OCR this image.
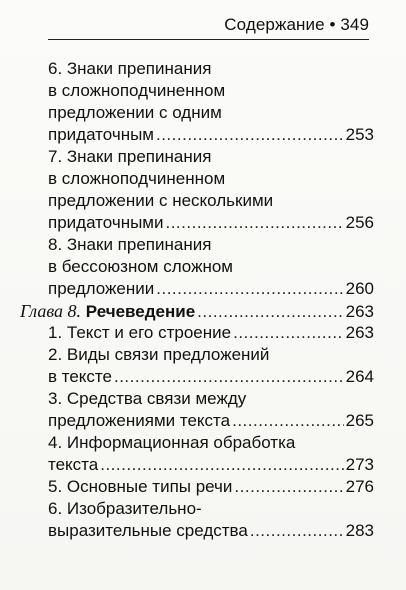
Содержание • 349
6. Знаки препинания
в сложноподчиненном
предложении с одним
придаточным .....	253
7. Знаки препинания
в сложноподчиненном
предложении с несколькими
придаточными .....	256
8. Знаки препинания
в бессоюзном сложном
предложении .....	260
Глава 8. Речеведение .....	263
1. Текст и его строение .....	263
2. Виды связи предложений
в тексте .....	264
3. Средства связи между
предложениями текста .....	265
4. Информационная обработка
текста .....	273
5. Основные типы речи .....	276
6. Изобразительно-
выразительные средства .....	283
